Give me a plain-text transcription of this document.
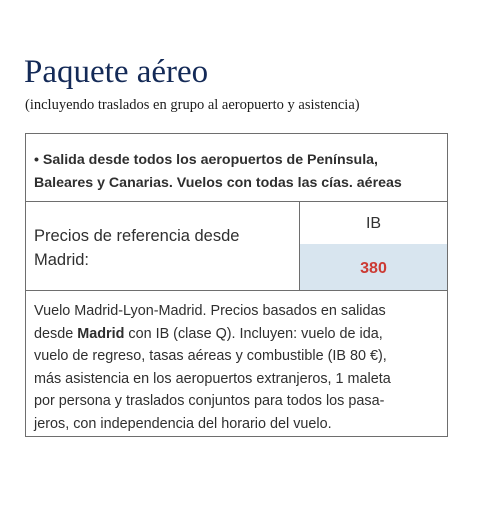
Paquete aéreo
(incluyendo traslados en grupo al aeropuerto y asistencia)
• Salida desde todos los aeropuertos de Península,
Baleares y Canarias. Vuelos con todas las cías. aéreas
Precios de referencia desde
Madrid:
IB
380
Vuelo Madrid-Lyon-Madrid. Precios basados en salidas
desde Madrid con IB (clase Q). Incluyen: vuelo de ida,
vuelo de regreso, tasas aéreas y combustible (IB 80 €),
más asistencia en los aeropuertos extranjeros, 1 maleta
por persona y traslados conjuntos para todos los pasa-
jeros, con independencia del horario del vuelo.
